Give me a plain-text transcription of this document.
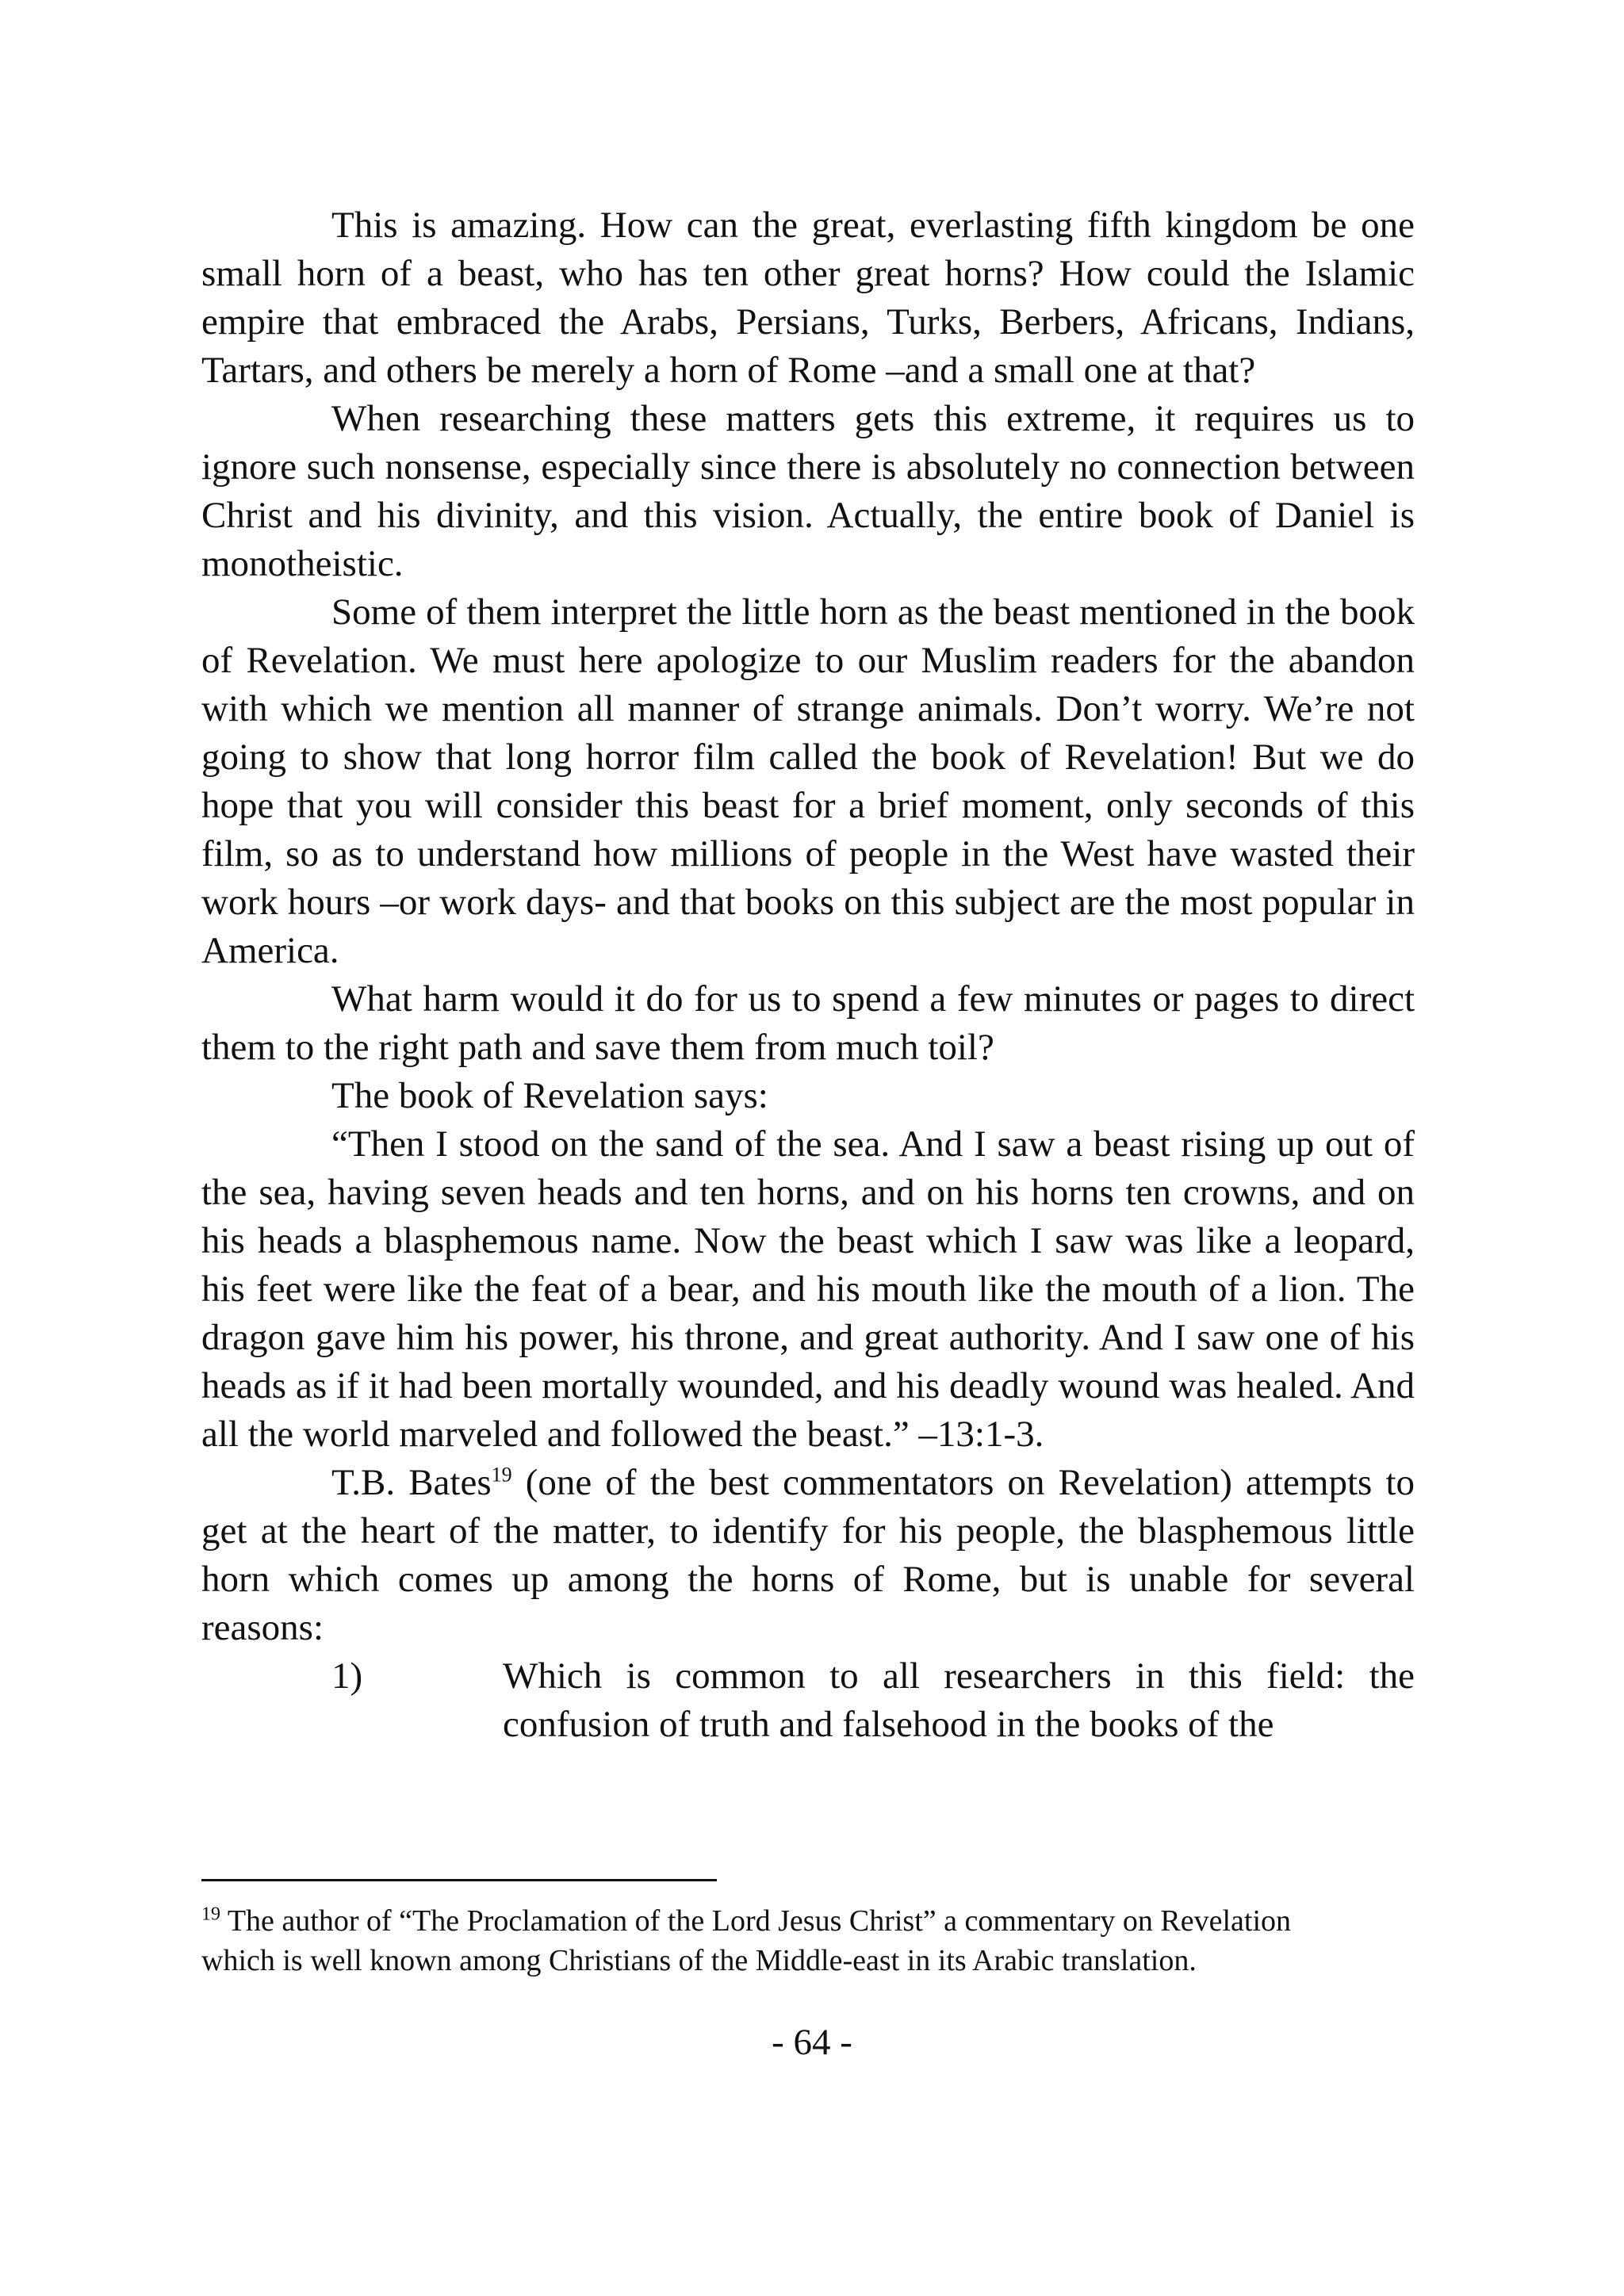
This is amazing. How can the great, everlasting fifth kingdom be one small horn of a beast, who has ten other great horns? How could the Islamic empire that embraced the Arabs, Persians, Turks, Berbers, Africans, Indians, Tartars, and others be merely a horn of Rome –and a small one at that?

When researching these matters gets this extreme, it requires us to ignore such nonsense, especially since there is absolutely no connection between Christ and his divinity, and this vision. Actually, the entire book of Daniel is monotheistic.

Some of them interpret the little horn as the beast mentioned in the book of Revelation. We must here apologize to our Muslim readers for the abandon with which we mention all manner of strange animals. Don’t worry. We’re not going to show that long horror film called the book of Revelation! But we do hope that you will consider this beast for a brief moment, only seconds of this film, so as to understand how millions of people in the West have wasted their work hours –or work days- and that books on this subject are the most popular in America.

What harm would it do for us to spend a few minutes or pages to direct them to the right path and save them from much toil?

The book of Revelation says:

“Then I stood on the sand of the sea. And I saw a beast rising up out of the sea, having seven heads and ten horns, and on his horns ten crowns, and on his heads a blasphemous name. Now the beast which I saw was like a leopard, his feet were like the feat of a bear, and his mouth like the mouth of a lion. The dragon gave him his power, his throne, and great authority. And I saw one of his heads as if it had been mortally wounded, and his deadly wound was healed. And all the world marveled and followed the beast.” –13:1-3.

T.B. Bates$^{19}$ (one of the best commentators on Revelation) attempts to get at the heart of the matter, to identify for his people, the blasphemous little horn which comes up among the horns of Rome, but is unable for several reasons:

1)	Which is common to all researchers in this field: the confusion of truth and falsehood in the books of the

$^{19}$ The author of “The Proclamation of the Lord Jesus Christ” a commentary on Revelation which is well known among Christians of the Middle-east in its Arabic translation.

- 64 -
